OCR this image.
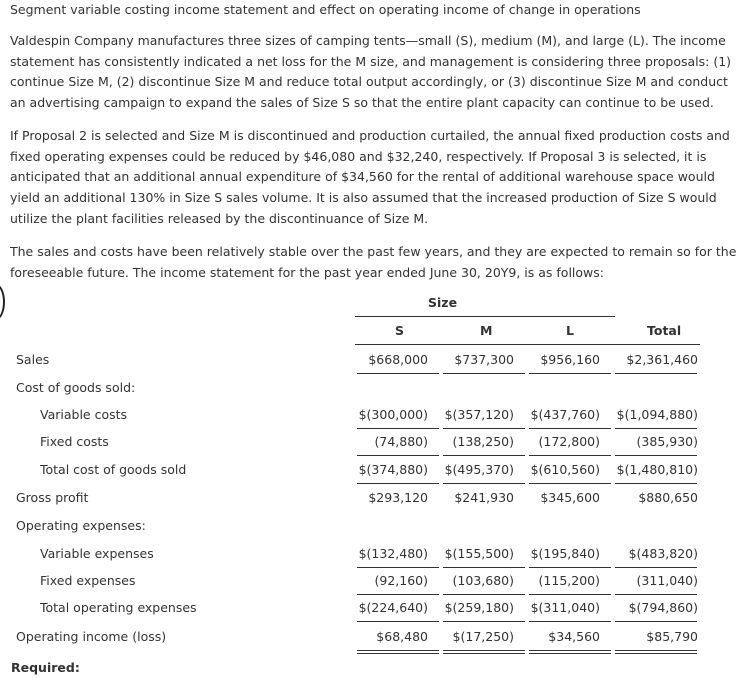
Segment variable costing income statement and effect on operating income of change in operations

Valdespin Company manufactures three sizes of camping tents—small (S), medium (M), and large (L). The income statement has consistently indicated a net loss for the M size, and management is considering three proposals: (1) continue Size M, (2) discontinue Size M and reduce total output accordingly, or (3) discontinue Size M and conduct an advertising campaign to expand the sales of Size S so that the entire plant capacity can continue to be used.

If Proposal 2 is selected and Size M is discontinued and production curtailed, the annual fixed production costs and fixed operating expenses could be reduced by $46,080 and $32,240, respectively. If Proposal 3 is selected, it is anticipated that an additional annual expenditure of $34,560 for the rental of additional warehouse space would yield an additional 130% in Size S sales volume. It is also assumed that the increased production of Size S would utilize the plant facilities released by the discontinuance of Size M.

The sales and costs have been relatively stable over the past few years, and they are expected to remain so for the foreseeable future. The income statement for the past year ended June 30, 20Y9, is as follows:

Size
S	M	L	Total
Sales	$668,000	$737,300	$956,160	$2,361,460
Cost of goods sold:
Variable costs	$(300,000)	$(357,120)	$(437,760)	$(1,094,880)
Fixed costs	(74,880)	(138,250)	(172,800)	(385,930)
Total cost of goods sold	$(374,880)	$(495,370)	$(610,560)	$(1,480,810)
Gross profit	$293,120	$241,930	$345,600	$880,650
Operating expenses:
Variable expenses	$(132,480)	$(155,500)	$(195,840)	$(483,820)
Fixed expenses	(92,160)	(103,680)	(115,200)	(311,040)
Total operating expenses	$(224,640)	$(259,180)	$(311,040)	$(794,860)
Operating income (loss)	$68,480	$(17,250)	$34,560	$85,790
Required:
